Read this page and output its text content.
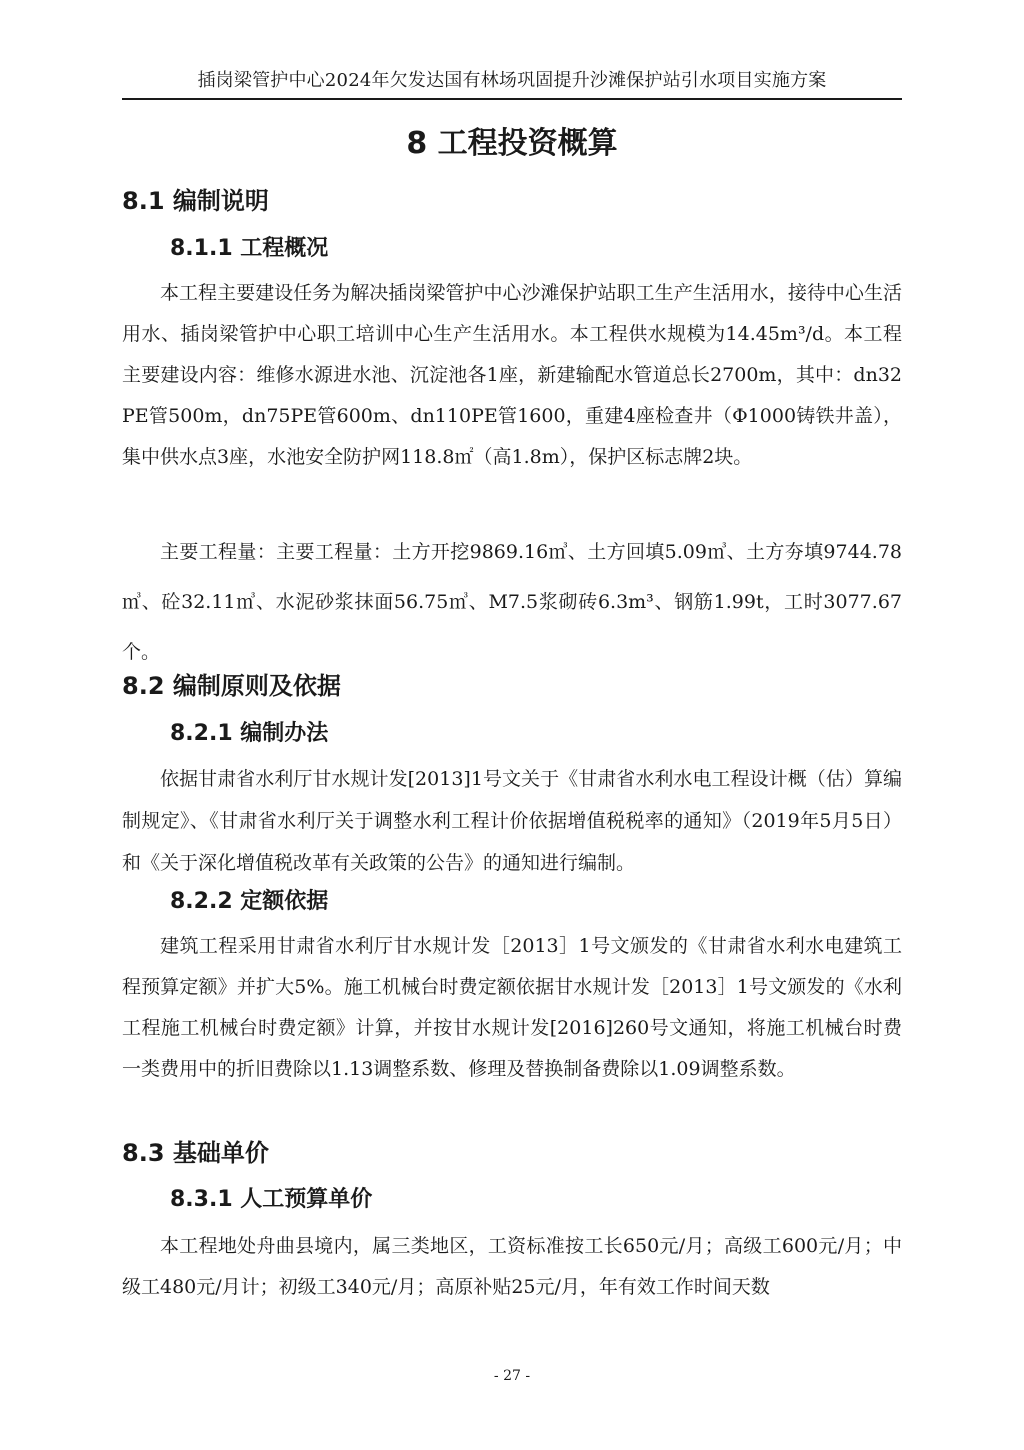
插岗梁管护中心2024年欠发达国有林场巩固提升沙滩保护站引水项目实施方案
8 工程投资概算
8.1 编制说明
8.1.1 工程概况
本工程主要建设任务为解决插岗梁管护中心沙滩保护站职工生产生活用水，接待中心生活用水、插岗梁管护中心职工培训中心生产生活用水。本工程供水规模为14.45m³/d。本工程主要建设内容：维修水源进水池、沉淀池各1座，新建输配水管道总长2700m，其中：dn32PE管500m，dn75PE管600m、dn110PE管1600，重建4座检查井（Φ1000铸铁井盖），集中供水点3座，水池安全防护网118.8㎡（高1.8m），保护区标志牌2块。
主要工程量：主要工程量：土方开挖9869.16㎥、土方回填5.09㎥、土方夯填9744.78㎥、砼32.11㎥、水泥砂浆抹面56.75㎥、M7.5浆砌砖6.3m³、钢筋1.99t，工时3077.67个。
8.2 编制原则及依据
8.2.1 编制办法
依据甘肃省水利厅甘水规计发[2013]1号文关于《甘肃省水利水电工程设计概（估）算编制规定》、《甘肃省水利厅关于调整水利工程计价依据增值税税率的通知》（2019年5月5日）和《关于深化增值税改革有关政策的公告》的通知进行编制。
8.2.2 定额依据
建筑工程采用甘肃省水利厅甘水规计发［2013］1号文颁发的《甘肃省水利水电建筑工程预算定额》并扩大5%。施工机械台时费定额依据甘水规计发［2013］1号文颁发的《水利工程施工机械台时费定额》计算，并按甘水规计发[2016]260号文通知，将施工机械台时费一类费用中的折旧费除以1.13调整系数、修理及替换制备费除以1.09调整系数。
8.3 基础单价
8.3.1 人工预算单价
本工程地处舟曲县境内，属三类地区，工资标准按工长650元/月；高级工600元/月；中级工480元/月计；初级工340元/月；高原补贴25元/月，年有效工作时间天数
- 27 -
